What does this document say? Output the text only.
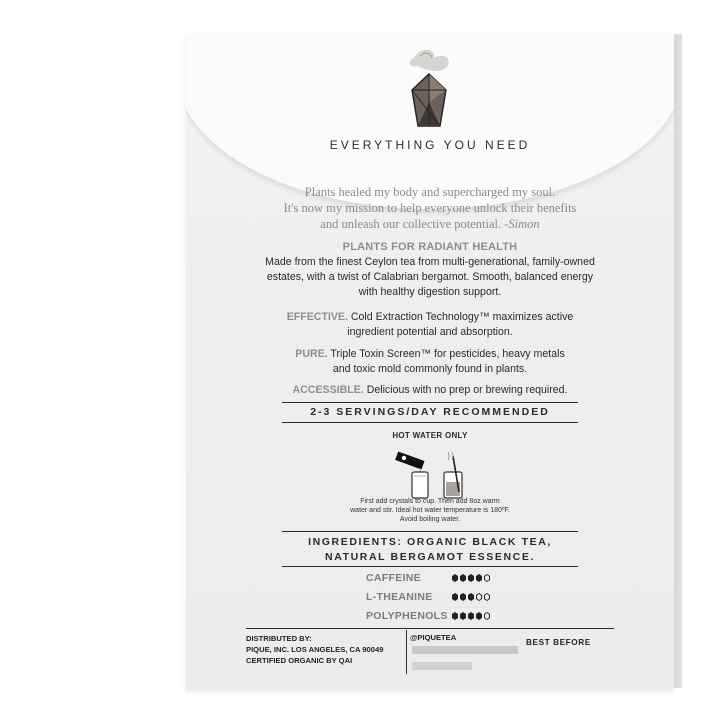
EVERYTHING YOU NEED
Plants healed my body and supercharged my soul.
It's now my mission to help everyone unlock their benefits
and unleash our collective potential. -Simon
PLANTS FOR RADIANT HEALTH
Made from the finest Ceylon tea from multi-generational, family-owned
estates, with a twist of Calabrian bergamot. Smooth, balanced energy
with healthy digestion support.
EFFECTIVE. Cold Extraction Technology™ maximizes active
ingredient potential and absorption.
PURE. Triple Toxin Screen™ for pesticides, heavy metals
and toxic mold commonly found in plants.
ACCESSIBLE. Delicious with no prep or brewing required.
2-3 SERVINGS/DAY RECOMMENDED
HOT WATER ONLY
First add crystals to cup. Then add 8oz warm
water and stir. Ideal hot water temperature is 180ºF.
Avoid boiling water.
INGREDIENTS: ORGANIC BLACK TEA,
NATURAL BERGAMOT ESSENCE.
CAFFEINE
L-THEANINE
POLYPHENOLS
DISTRIBUTED BY:
PIQUE, INC. LOS ANGELES, CA 90049
CERTIFIED ORGANIC BY QAI
@PIQUETEA
BEST BEFORE
